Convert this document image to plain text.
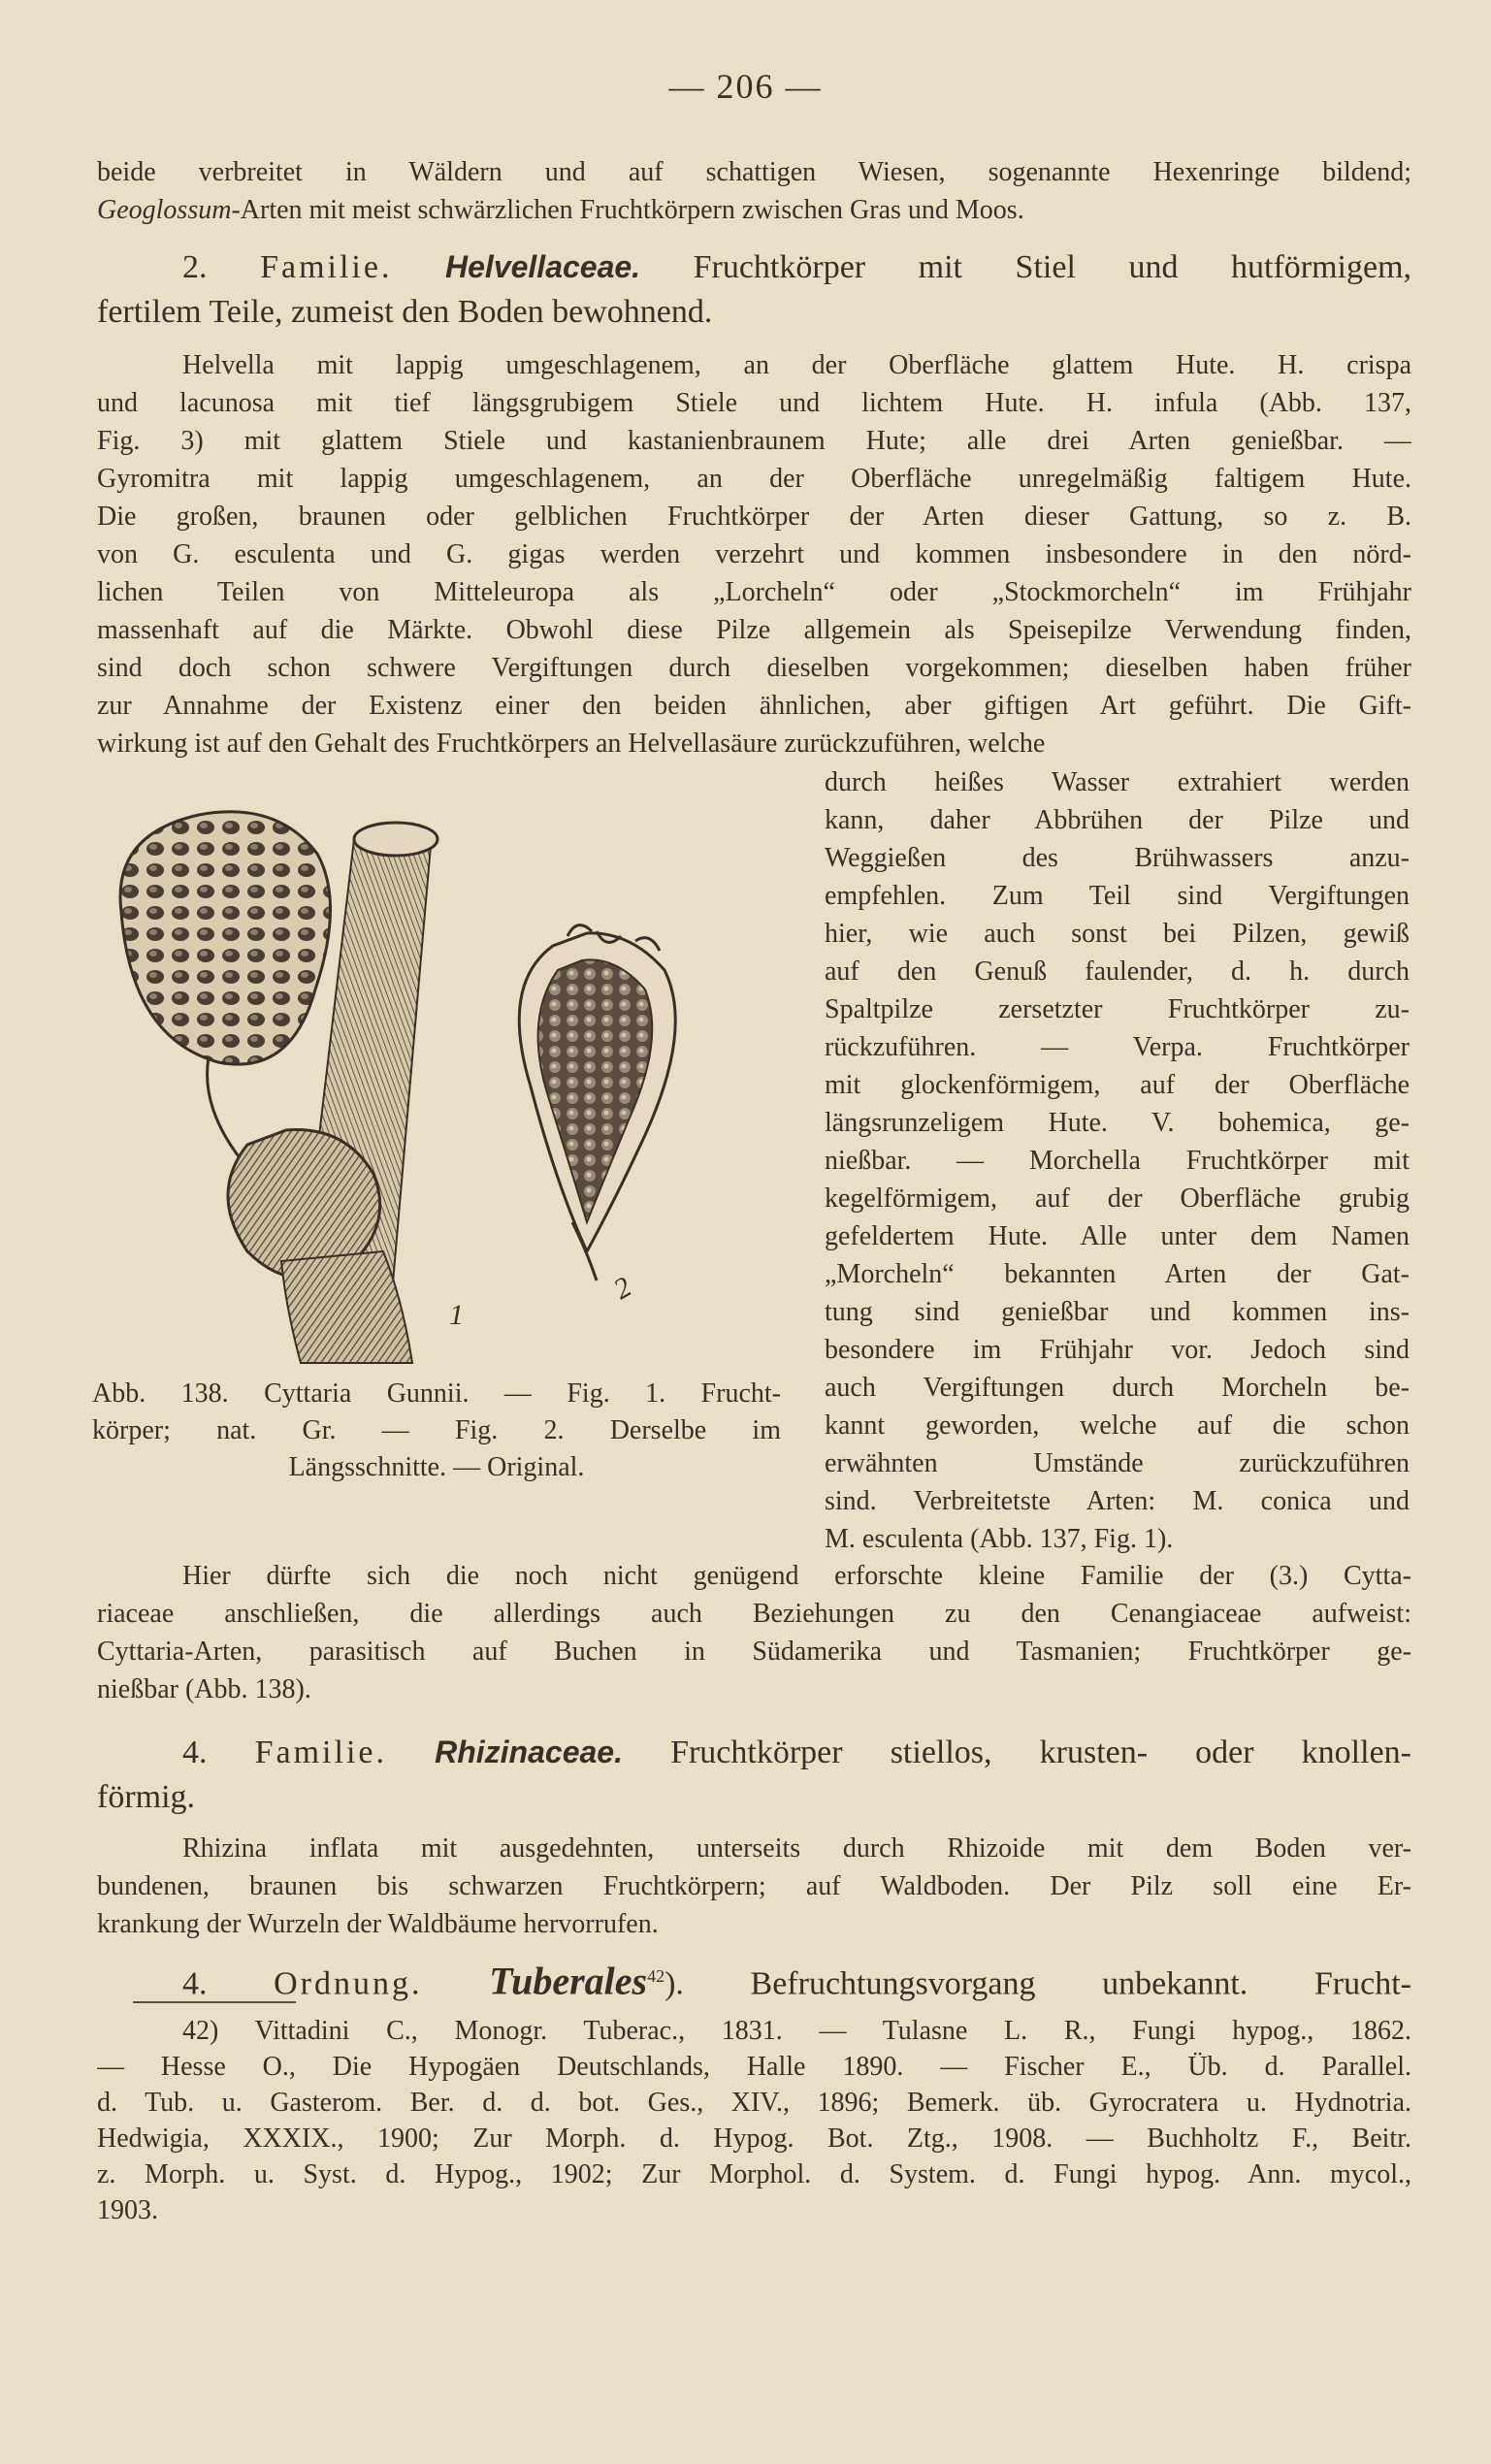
— 206 —
beide verbreitet in Wäldern und auf schattigen Wiesen, sogenannte Hexenringe bildend;
Geoglossum-Arten mit meist schwärzlichen Fruchtkörpern zwischen Gras und Moos.
2. Familie. Helvellaceae. Fruchtkörper mit Stiel und hutförmigem,
fertilem Teile, zumeist den Boden bewohnend.
Helvella mit lappig umgeschlagenem, an der Oberfläche glattem Hute. H. crispa
und lacunosa mit tief längsgrubigem Stiele und lichtem Hute. H. infula (Abb. 137,
Fig. 3) mit glattem Stiele und kastanienbraunem Hute; alle drei Arten genießbar. —
Gyromitra mit lappig umgeschlagenem, an der Oberfläche unregelmäßig faltigem Hute.
Die großen, braunen oder gelblichen Fruchtkörper der Arten dieser Gattung, so z. B.
von G. esculenta und G. gigas werden verzehrt und kommen insbesondere in den nörd-
lichen Teilen von Mitteleuropa als „Lorcheln“ oder „Stockmorcheln“ im Frühjahr
massenhaft auf die Märkte. Obwohl diese Pilze allgemein als Speisepilze Verwendung finden,
sind doch schon schwere Vergiftungen durch dieselben vorgekommen; dieselben haben früher
zur Annahme der Existenz einer den beiden ähnlichen, aber giftigen Art geführt. Die Gift-
wirkung ist auf den Gehalt des Fruchtkörpers an Helvellasäure zurückzuführen, welche
durch heißes Wasser extrahiert werden
kann, daher Abbrühen der Pilze und
Weggießen des Brühwassers anzu-
empfehlen. Zum Teil sind Vergiftungen
hier, wie auch sonst bei Pilzen, gewiß
auf den Genuß faulender, d. h. durch
Spaltpilze zersetzter Fruchtkörper zu-
rückzuführen. — Verpa. Fruchtkörper
mit glockenförmigem, auf der Oberfläche
längsrunzeligem Hute. V. bohemica, ge-
nießbar. — Morchella Fruchtkörper mit
kegelförmigem, auf der Oberfläche grubig
gefeldertem Hute. Alle unter dem Namen
„Morcheln“ bekannten Arten der Gat-
tung sind genießbar und kommen ins-
besondere im Frühjahr vor. Jedoch sind
auch Vergiftungen durch Morcheln be-
kannt geworden, welche auf die schon
erwähnten Umstände zurückzuführen
sind. Verbreitetste Arten: M. conica und
M. esculenta (Abb. 137, Fig. 1).
1
2
Abb. 138. Cyttaria Gunnii. — Fig. 1. Frucht-
körper; nat. Gr. — Fig. 2. Derselbe im
Längsschnitte. — Original.
Hier dürfte sich die noch nicht genügend erforschte kleine Familie der (3.) Cytta-
riaceae anschließen, die allerdings auch Beziehungen zu den Cenangiaceae aufweist:
Cyttaria-Arten, parasitisch auf Buchen in Südamerika und Tasmanien; Fruchtkörper ge-
nießbar (Abb. 138).
4. Familie. Rhizinaceae. Fruchtkörper stiellos, krusten- oder knollen-
förmig.
Rhizina inflata mit ausgedehnten, unterseits durch Rhizoide mit dem Boden ver-
bundenen, braunen bis schwarzen Fruchtkörpern; auf Waldboden. Der Pilz soll eine Er-
krankung der Wurzeln der Waldbäume hervorrufen.
4. Ordnung. Tuberales$^{42}$). Befruchtungsvorgang unbekannt. Frucht-
42) Vittadini C., Monogr. Tuberac., 1831. — Tulasne L. R., Fungi hypog., 1862.
— Hesse O., Die Hypogäen Deutschlands, Halle 1890. — Fischer E., Üb. d. Parallel.
d. Tub. u. Gasterom. Ber. d. d. bot. Ges., XIV., 1896; Bemerk. üb. Gyrocratera u. Hydnotria.
Hedwigia, XXXIX., 1900; Zur Morph. d. Hypog. Bot. Ztg., 1908. — Buchholtz F., Beitr.
z. Morph. u. Syst. d. Hypog., 1902; Zur Morphol. d. System. d. Fungi hypog. Ann. mycol.,
1903.
